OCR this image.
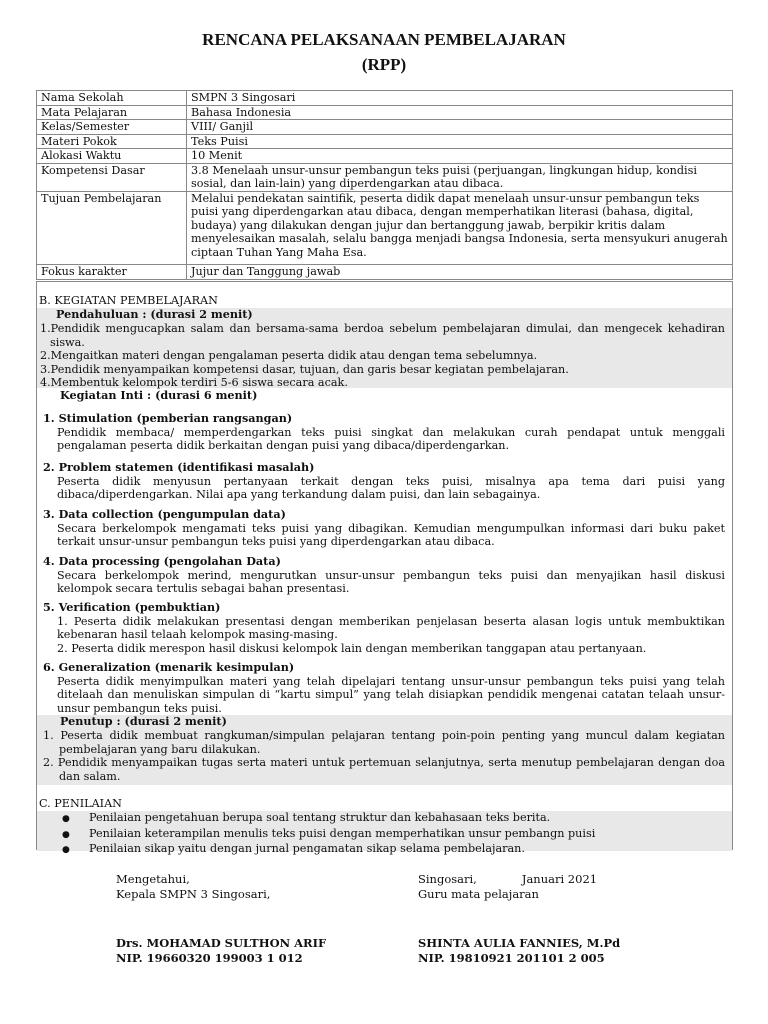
RENCANA PELAKSANAAN PEMBELAJARAN
(RPP)
Nama Sekolah	SMPN 3 Singosari
Mata Pelajaran	Bahasa Indonesia
Kelas/Semester	VIII/ Ganjil
Materi Pokok	Teks Puisi
Alokasi Waktu	10 Menit
Kompetensi Dasar	3.8 Menelaah unsur-unsur pembangun teks puisi (perjuangan, lingkungan hidup, kondisi sosial, dan lain-lain) yang diperdengarkan atau dibaca.
Tujuan Pembelajaran	Melalui pendekatan saintifik, peserta didik dapat menelaah unsur-unsur pembangun teks puisi yang diperdengarkan atau dibaca, dengan memperhatikan literasi (bahasa, digital, budaya) yang dilakukan dengan jujur dan bertanggung jawab, berpikir kritis dalam menyelesaikan masalah, selalu bangga menjadi bangsa Indonesia, serta mensyukuri anugerah ciptaan Tuhan Yang Maha Esa.
Fokus karakter	Jujur dan Tanggung jawab
B. KEGIATAN PEMBELAJARAN
Pendahuluan : (durasi 2 menit)
1.Pendidik mengucapkan salam dan bersama-sama berdoa sebelum pembelajaran dimulai, dan mengecek kehadiran siswa.
2.Mengaitkan materi dengan pengalaman peserta didik atau dengan tema sebelumnya.
3.Pendidik menyampaikan kompetensi dasar, tujuan, dan garis besar kegiatan pembelajaran.
4.Membentuk kelompok terdiri 5-6 siswa secara acak.
Kegiatan Inti : (durasi 6 menit)
1. Stimulation (pemberian rangsangan)
Pendidik membaca/ memperdengarkan teks puisi singkat dan melakukan curah pendapat untuk menggali pengalaman peserta didik berkaitan dengan puisi yang dibaca/diperdengarkan.
2. Problem statemen (identifikasi masalah)
Peserta didik menyusun pertanyaan terkait dengan teks puisi, misalnya apa tema dari puisi yang dibaca/diperdengarkan. Nilai apa yang terkandung dalam puisi, dan lain sebagainya.
3. Data collection (pengumpulan data)
Secara berkelompok mengamati teks puisi yang dibagikan. Kemudian mengumpulkan informasi dari buku paket terkait unsur-unsur pembangun teks puisi yang diperdengarkan atau dibaca.
4. Data processing (pengolahan Data)
Secara berkelompok merind, mengurutkan unsur-unsur pembangun teks puisi dan menyajikan hasil diskusi kelompok secara tertulis sebagai bahan presentasi.
5. Verification (pembuktian)
1. Peserta didik melakukan presentasi dengan memberikan penjelasan beserta alasan logis untuk membuktikan kebenaran hasil telaah kelompok masing-masing.
2. Peserta didik merespon hasil diskusi kelompok lain dengan memberikan tanggapan atau pertanyaan.
6. Generalization (menarik kesimpulan)
Peserta didik menyimpulkan materi yang telah dipelajari tentang unsur-unsur pembangun teks puisi yang telah ditelaah dan menuliskan simpulan di “kartu simpul” yang telah disiapkan pendidik mengenai catatan telaah unsur-unsur pembangun teks puisi.
Penutup : (durasi 2 menit)
1. Peserta didik membuat rangkuman/simpulan pelajaran tentang poin-poin penting yang muncul dalam kegiatan pembelajaran yang baru dilakukan.
2. Pendidik menyampaikan tugas serta materi untuk pertemuan selanjutnya, serta menutup pembelajaran dengan doa dan salam.
C. PENILAIAN
● Penilaian pengetahuan berupa soal tentang struktur dan kebahasaan teks berita.
● Penilaian keterampilan menulis teks puisi dengan memperhatikan unsur pembangn puisi
● Penilaian sikap yaitu dengan jurnal pengamatan sikap selama pembelajaran.
Mengetahui,
Kepala SMPN 3 Singosari,
Drs. MOHAMAD SULTHON ARIF
NIP. 19660320 199003 1 012
Singosari,	Januari 2021
Guru mata pelajaran
SHINTA AULIA FANNIES, M.Pd
NIP. 19810921 201101 2 005
